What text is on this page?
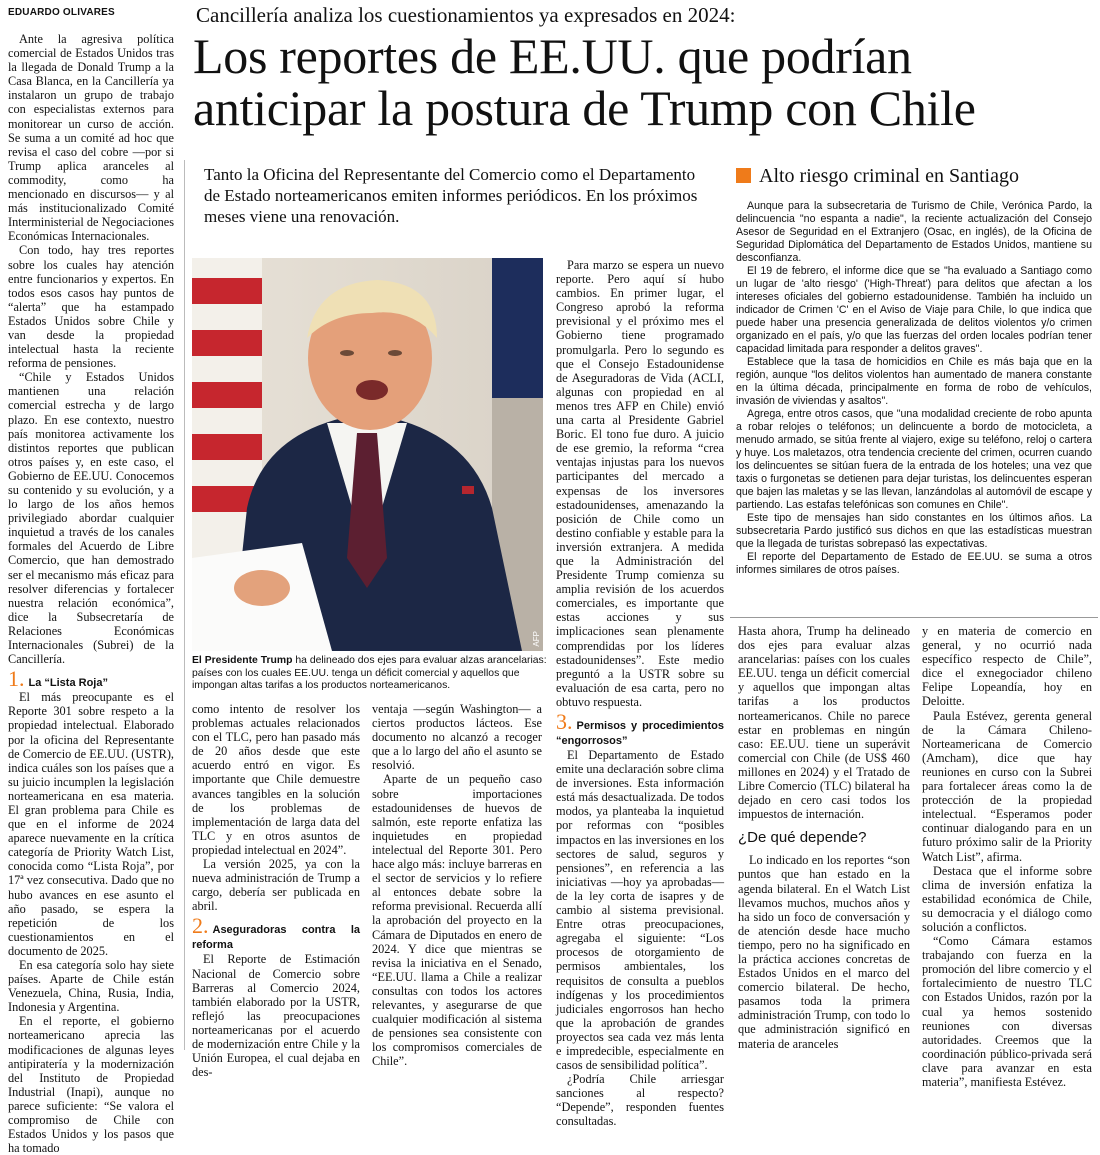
EDUARDO OLIVARES	Cancillería analiza los cuestionamientos ya expresados en 2024:
Los reportes de EE.UU. que podrían anticipar la postura de Trump con Chile

Ante la agresiva política comercial de Estados Unidos tras la llegada de Donald Trump a la Casa Blanca, en la Cancillería ya instalaron un grupo de trabajo con especialistas externos para monitorear un curso de acción. Se suma a un comité ad hoc que revisa el caso del cobre —por si Trump aplica aranceles al commodity, como ha mencionado en discursos— y al más institucionalizado Comité Interministerial de Negociaciones Económicas Internacionales.

Con todo, hay tres reportes sobre los cuales hay atención entre funcionarios y expertos. En todos esos casos hay puntos de “alerta” que ha estampado Estados Unidos sobre Chile y van desde la propiedad intelectual hasta la reciente reforma de pensiones.

“Chile y Estados Unidos mantienen una relación comercial estrecha y de largo plazo. En ese contexto, nuestro país monitorea activamente los distintos reportes que publican otros países y, en este caso, el Gobierno de EE.UU. Conocemos su contenido y su evolución, y a lo largo de los años hemos privilegiado abordar cualquier inquietud a través de los canales formales del Acuerdo de Libre Comercio, que han demostrado ser el mecanismo más eficaz para resolver diferencias y fortalecer nuestra relación económica”, dice la Subsecretaría de Relaciones Económicas Internacionales (Subrei) de la Cancillería.

1. La “Lista Roja”

El más preocupante es el Reporte 301 sobre respeto a la propiedad intelectual. Elaborado por la oficina del Representante de Comercio de EE.UU. (USTR), indica cuáles son los países que a su juicio incumplen la legislación norteamericana en esa materia. El gran problema para Chile es que en el informe de 2024 aparece nuevamente en la crítica categoría de Priority Watch List, conocida como “Lista Roja”, por 17ª vez consecutiva. Dado que no hubo avances en ese asunto el año pasado, se espera la repetición de los cuestionamientos en el documento de 2025.

En esa categoría solo hay siete países. Aparte de Chile están Venezuela, China, Rusia, India, Indonesia y Argentina.

En el reporte, el gobierno norteamericano aprecia las modificaciones de algunas leyes antipiratería y la modernización del Instituto de Propiedad Industrial (Inapi), aunque no parece suficiente: “Se valora el compromiso de Chile con Estados Unidos y los pasos que ha tomado

Tanto la Oficina del Representante del Comercio como el Departamento de Estado norteamericanos emiten informes periódicos. En los próximos meses viene una renovación.
AFP
El Presidente Trump ha delineado dos ejes para evaluar alzas arancelarias: países con los cuales EE.UU. tenga un déficit comercial y aquellos que impongan altas tarifas a los productos norteamericanos.

como intento de resolver los problemas actuales relacionados con el TLC, pero han pasado más de 20 años desde que este acuerdo entró en vigor. Es importante que Chile demuestre avances tangibles en la solución de los problemas de implementación de larga data del TLC y en otros asuntos de propiedad intelectual en 2024”.

La versión 2025, ya con la nueva administración de Trump a cargo, debería ser publicada en abril.

2. Aseguradoras contra la reforma

El Reporte de Estimación Nacional de Comercio sobre Barreras al Comercio 2024, también elaborado por la USTR, reflejó las preocupaciones norteamericanas por el acuerdo de modernización entre Chile y la Unión Europea, el cual dejaba en des-

ventaja —según Washington— a ciertos productos lácteos. Ese documento no alcanzó a recoger que a lo largo del año el asunto se resolvió.

Aparte de un pequeño caso sobre importaciones estadounidenses de huevos de salmón, este reporte enfatiza las inquietudes en propiedad intelectual del Reporte 301. Pero hace algo más: incluye barreras en el sector de servicios y lo refiere al entonces debate sobre la reforma previsional. Recuerda allí la aprobación del proyecto en la Cámara de Diputados en enero de 2024. Y dice que mientras se revisa la iniciativa en el Senado, “EE.UU. llama a Chile a realizar consultas con todos los actores relevantes, y asegurarse de que cualquier modificación al sistema de pensiones sea consistente con los compromisos comerciales de Chile”.

Para marzo se espera un nuevo reporte. Pero aquí sí hubo cambios. En primer lugar, el Congreso aprobó la reforma previsional y el próximo mes el Gobierno tiene programado promulgarla. Pero lo segundo es que el Consejo Estadounidense de Aseguradoras de Vida (ACLI, algunas con propiedad en al menos tres AFP en Chile) envió una carta al Presidente Gabriel Boric. El tono fue duro. A juicio de ese gremio, la reforma “crea ventajas injustas para los nuevos participantes del mercado a expensas de los inversores estadounidenses, amenazando la posición de Chile como un destino confiable y estable para la inversión extranjera. A medida que la Administración del Presidente Trump comienza su amplia revisión de los acuerdos comerciales, es importante que estas acciones y sus implicaciones sean plenamente comprendidas por los líderes estadounidenses”. Este medio preguntó a la USTR sobre su evaluación de esa carta, pero no obtuvo respuesta.

3. Permisos y procedimientos “engorrosos”

El Departamento de Estado emite una declaración sobre clima de inversiones. Esta información está más desactualizada. De todos modos, ya planteaba la inquietud por reformas con “posibles impactos en las inversiones en los sectores de salud, seguros y pensiones”, en referencia a las iniciativas —hoy ya aprobadas— de la ley corta de isapres y de cambio al sistema previsional. Entre otras preocupaciones, agregaba el siguiente: “Los procesos de otorgamiento de permisos ambientales, los requisitos de consulta a pueblos indígenas y los procedimientos judiciales engorrosos han hecho que la aprobación de grandes proyectos sea cada vez más lenta e impredecible, especialmente en casos de sensibilidad política”.

¿Podría Chile arriesgar sanciones al respecto? “Depende”, responden fuentes consultadas.

Alto riesgo criminal en Santiago

Aunque para la subsecretaria de Turismo de Chile, Verónica Pardo, la delincuencia "no espanta a nadie", la reciente actualización del Consejo Asesor de Seguridad en el Extranjero (Osac, en inglés), de la Oficina de Seguridad Diplomática del Departamento de Estados Unidos, mantiene su desconfianza.

El 19 de febrero, el informe dice que se "ha evaluado a Santiago como un lugar de 'alto riesgo' ('High-Threat') para delitos que afectan a los intereses oficiales del gobierno estadounidense. También ha incluido un indicador de Crimen 'C' en el Aviso de Viaje para Chile, lo que indica que puede haber una presencia generalizada de delitos violentos y/o crimen organizado en el país, y/o que las fuerzas del orden locales podrían tener capacidad limitada para responder a delitos graves".

Establece que la tasa de homicidios en Chile es más baja que en la región, aunque "los delitos violentos han aumentado de manera constante en la última década, principalmente en forma de robo de vehículos, invasión de viviendas y asaltos".

Agrega, entre otros casos, que "una modalidad creciente de robo apunta a robar relojes o teléfonos; un delincuente a bordo de motocicleta, a menudo armado, se sitúa frente al viajero, exige su teléfono, reloj o cartera y huye. Los maletazos, otra tendencia creciente del crimen, ocurren cuando los delincuentes se sitúan fuera de la entrada de los hoteles; una vez que taxis o furgonetas se detienen para dejar turistas, los delincuentes esperan que bajen las maletas y se las llevan, lanzándolas al automóvil de escape y partiendo. Las estafas telefónicas son comunes en Chile".

Este tipo de mensajes han sido constantes en los últimos años. La subsecretaria Pardo justificó sus dichos en que las estadísticas muestran que la llegada de turistas sobrepasó las expectativas.

El reporte del Departamento de Estado de EE.UU. se suma a otros informes similares de otros países.

Hasta ahora, Trump ha delineado dos ejes para evaluar alzas arancelarias: países con los cuales EE.UU. tenga un déficit comercial y aquellos que impongan altas tarifas a los productos norteamericanos. Chile no parece estar en problemas en ningún caso: EE.UU. tiene un superávit comercial con Chile (de US$ 460 millones en 2024) y el Tratado de Libre Comercio (TLC) bilateral ha dejado en cero casi todos los impuestos de internación.

¿De qué depende?

Lo indicado en los reportes “son puntos que han estado en la agenda bilateral. En el Watch List llevamos muchos, muchos años y ha sido un foco de conversación y de atención desde hace mucho tiempo, pero no ha significado en la práctica acciones concretas de Estados Unidos en el marco del comercio bilateral. De hecho, pasamos toda la primera administración Trump, con todo lo que administración significó en materia de aranceles

y en materia de comercio en general, y no ocurrió nada específico respecto de Chile”, dice el exnegociador chileno Felipe Lopeandía, hoy en Deloitte.

Paula Estévez, gerenta general de la Cámara Chileno-Norteamericana de Comercio (Amcham), dice que hay reuniones en curso con la Subrei para fortalecer áreas como la de protección de la propiedad intelectual. “Esperamos poder continuar dialogando para en un futuro próximo salir de la Priority Watch List”, afirma.

Destaca que el informe sobre clima de inversión enfatiza la estabilidad económica de Chile, su democracia y el diálogo como solución a conflictos.

“Como Cámara estamos trabajando con fuerza en la promoción del libre comercio y el fortalecimiento de nuestro TLC con Estados Unidos, razón por la cual ya hemos sostenido reuniones con diversas autoridades. Creemos que la coordinación público-privada será clave para avanzar en esta materia”, manifiesta Estévez.
